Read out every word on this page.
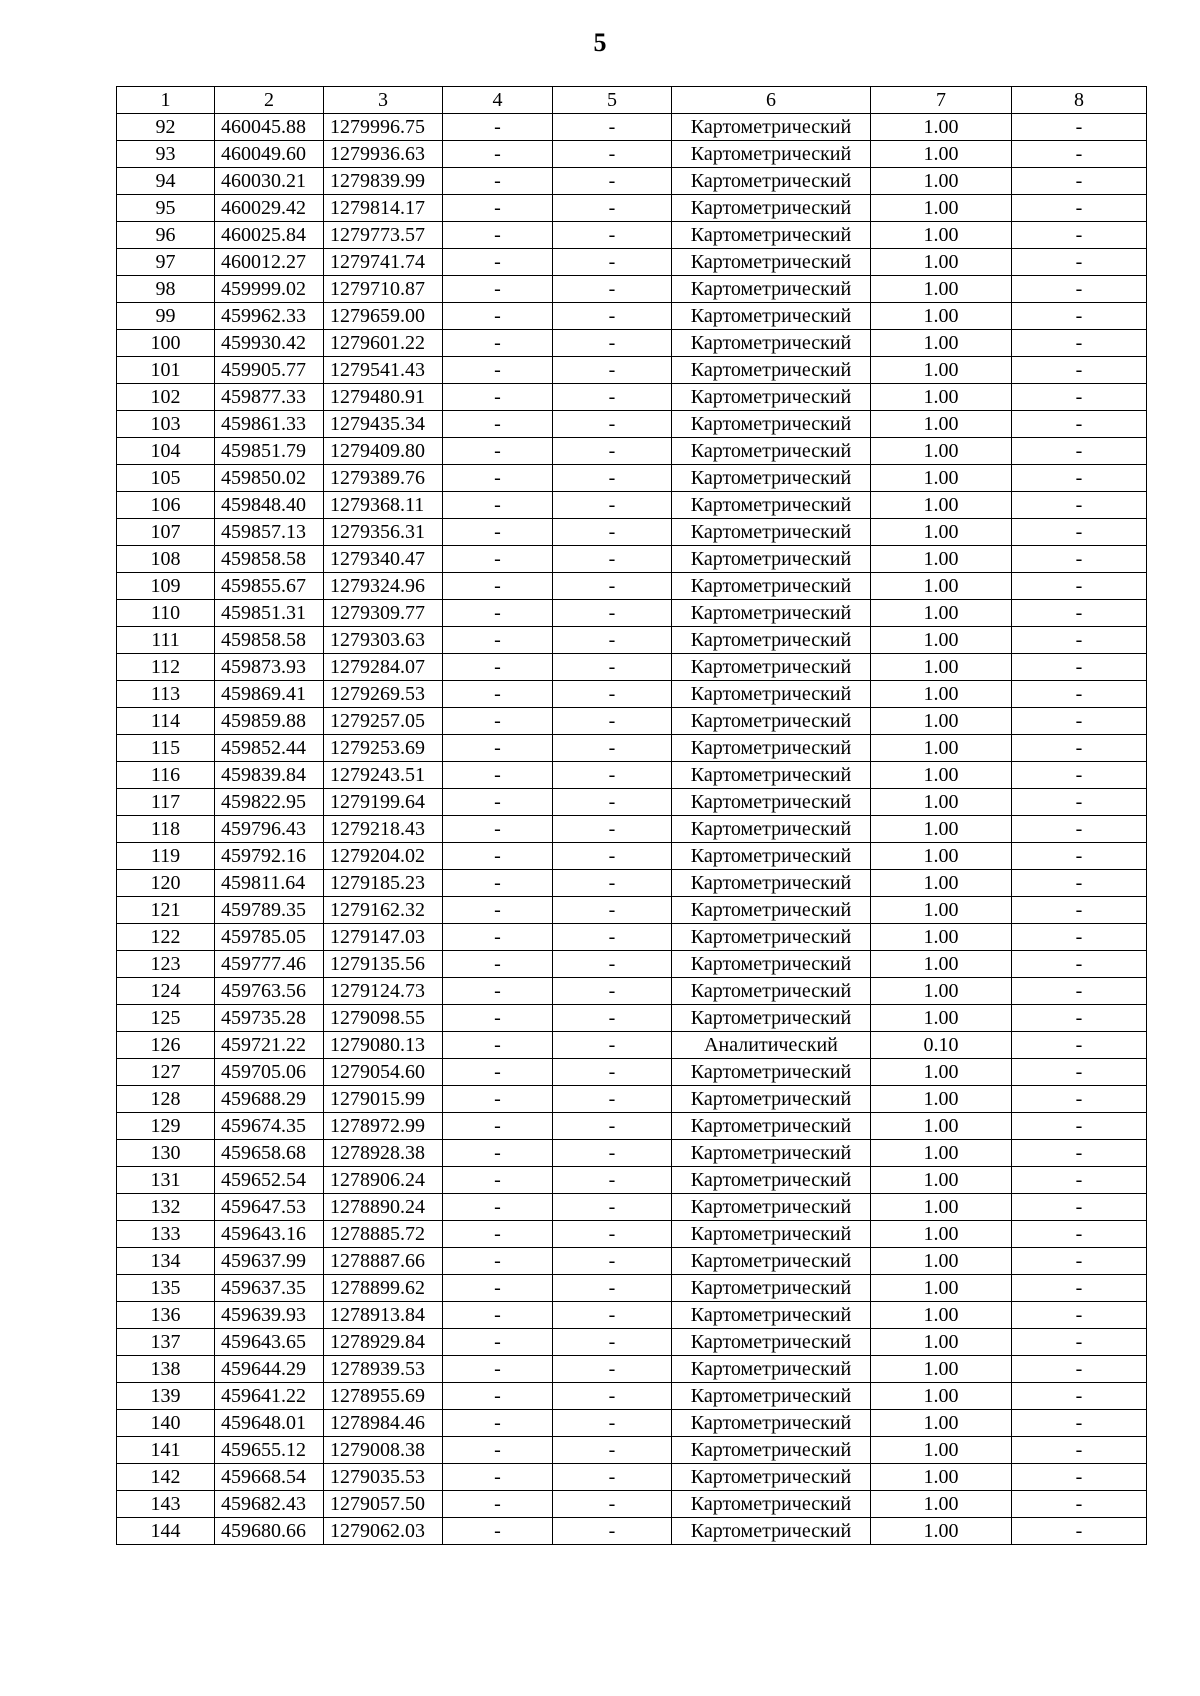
5
1	2	3	4	5	6	7	8
92	460045.88	1279996.75	-	-	Картометрический	1.00	-
93	460049.60	1279936.63	-	-	Картометрический	1.00	-
94	460030.21	1279839.99	-	-	Картометрический	1.00	-
95	460029.42	1279814.17	-	-	Картометрический	1.00	-
96	460025.84	1279773.57	-	-	Картометрический	1.00	-
97	460012.27	1279741.74	-	-	Картометрический	1.00	-
98	459999.02	1279710.87	-	-	Картометрический	1.00	-
99	459962.33	1279659.00	-	-	Картометрический	1.00	-
100	459930.42	1279601.22	-	-	Картометрический	1.00	-
101	459905.77	1279541.43	-	-	Картометрический	1.00	-
102	459877.33	1279480.91	-	-	Картометрический	1.00	-
103	459861.33	1279435.34	-	-	Картометрический	1.00	-
104	459851.79	1279409.80	-	-	Картометрический	1.00	-
105	459850.02	1279389.76	-	-	Картометрический	1.00	-
106	459848.40	1279368.11	-	-	Картометрический	1.00	-
107	459857.13	1279356.31	-	-	Картометрический	1.00	-
108	459858.58	1279340.47	-	-	Картометрический	1.00	-
109	459855.67	1279324.96	-	-	Картометрический	1.00	-
110	459851.31	1279309.77	-	-	Картометрический	1.00	-
111	459858.58	1279303.63	-	-	Картометрический	1.00	-
112	459873.93	1279284.07	-	-	Картометрический	1.00	-
113	459869.41	1279269.53	-	-	Картометрический	1.00	-
114	459859.88	1279257.05	-	-	Картометрический	1.00	-
115	459852.44	1279253.69	-	-	Картометрический	1.00	-
116	459839.84	1279243.51	-	-	Картометрический	1.00	-
117	459822.95	1279199.64	-	-	Картометрический	1.00	-
118	459796.43	1279218.43	-	-	Картометрический	1.00	-
119	459792.16	1279204.02	-	-	Картометрический	1.00	-
120	459811.64	1279185.23	-	-	Картометрический	1.00	-
121	459789.35	1279162.32	-	-	Картометрический	1.00	-
122	459785.05	1279147.03	-	-	Картометрический	1.00	-
123	459777.46	1279135.56	-	-	Картометрический	1.00	-
124	459763.56	1279124.73	-	-	Картометрический	1.00	-
125	459735.28	1279098.55	-	-	Картометрический	1.00	-
126	459721.22	1279080.13	-	-	Аналитический	0.10	-
127	459705.06	1279054.60	-	-	Картометрический	1.00	-
128	459688.29	1279015.99	-	-	Картометрический	1.00	-
129	459674.35	1278972.99	-	-	Картометрический	1.00	-
130	459658.68	1278928.38	-	-	Картометрический	1.00	-
131	459652.54	1278906.24	-	-	Картометрический	1.00	-
132	459647.53	1278890.24	-	-	Картометрический	1.00	-
133	459643.16	1278885.72	-	-	Картометрический	1.00	-
134	459637.99	1278887.66	-	-	Картометрический	1.00	-
135	459637.35	1278899.62	-	-	Картометрический	1.00	-
136	459639.93	1278913.84	-	-	Картометрический	1.00	-
137	459643.65	1278929.84	-	-	Картометрический	1.00	-
138	459644.29	1278939.53	-	-	Картометрический	1.00	-
139	459641.22	1278955.69	-	-	Картометрический	1.00	-
140	459648.01	1278984.46	-	-	Картометрический	1.00	-
141	459655.12	1279008.38	-	-	Картометрический	1.00	-
142	459668.54	1279035.53	-	-	Картометрический	1.00	-
143	459682.43	1279057.50	-	-	Картометрический	1.00	-
144	459680.66	1279062.03	-	-	Картометрический	1.00	-
